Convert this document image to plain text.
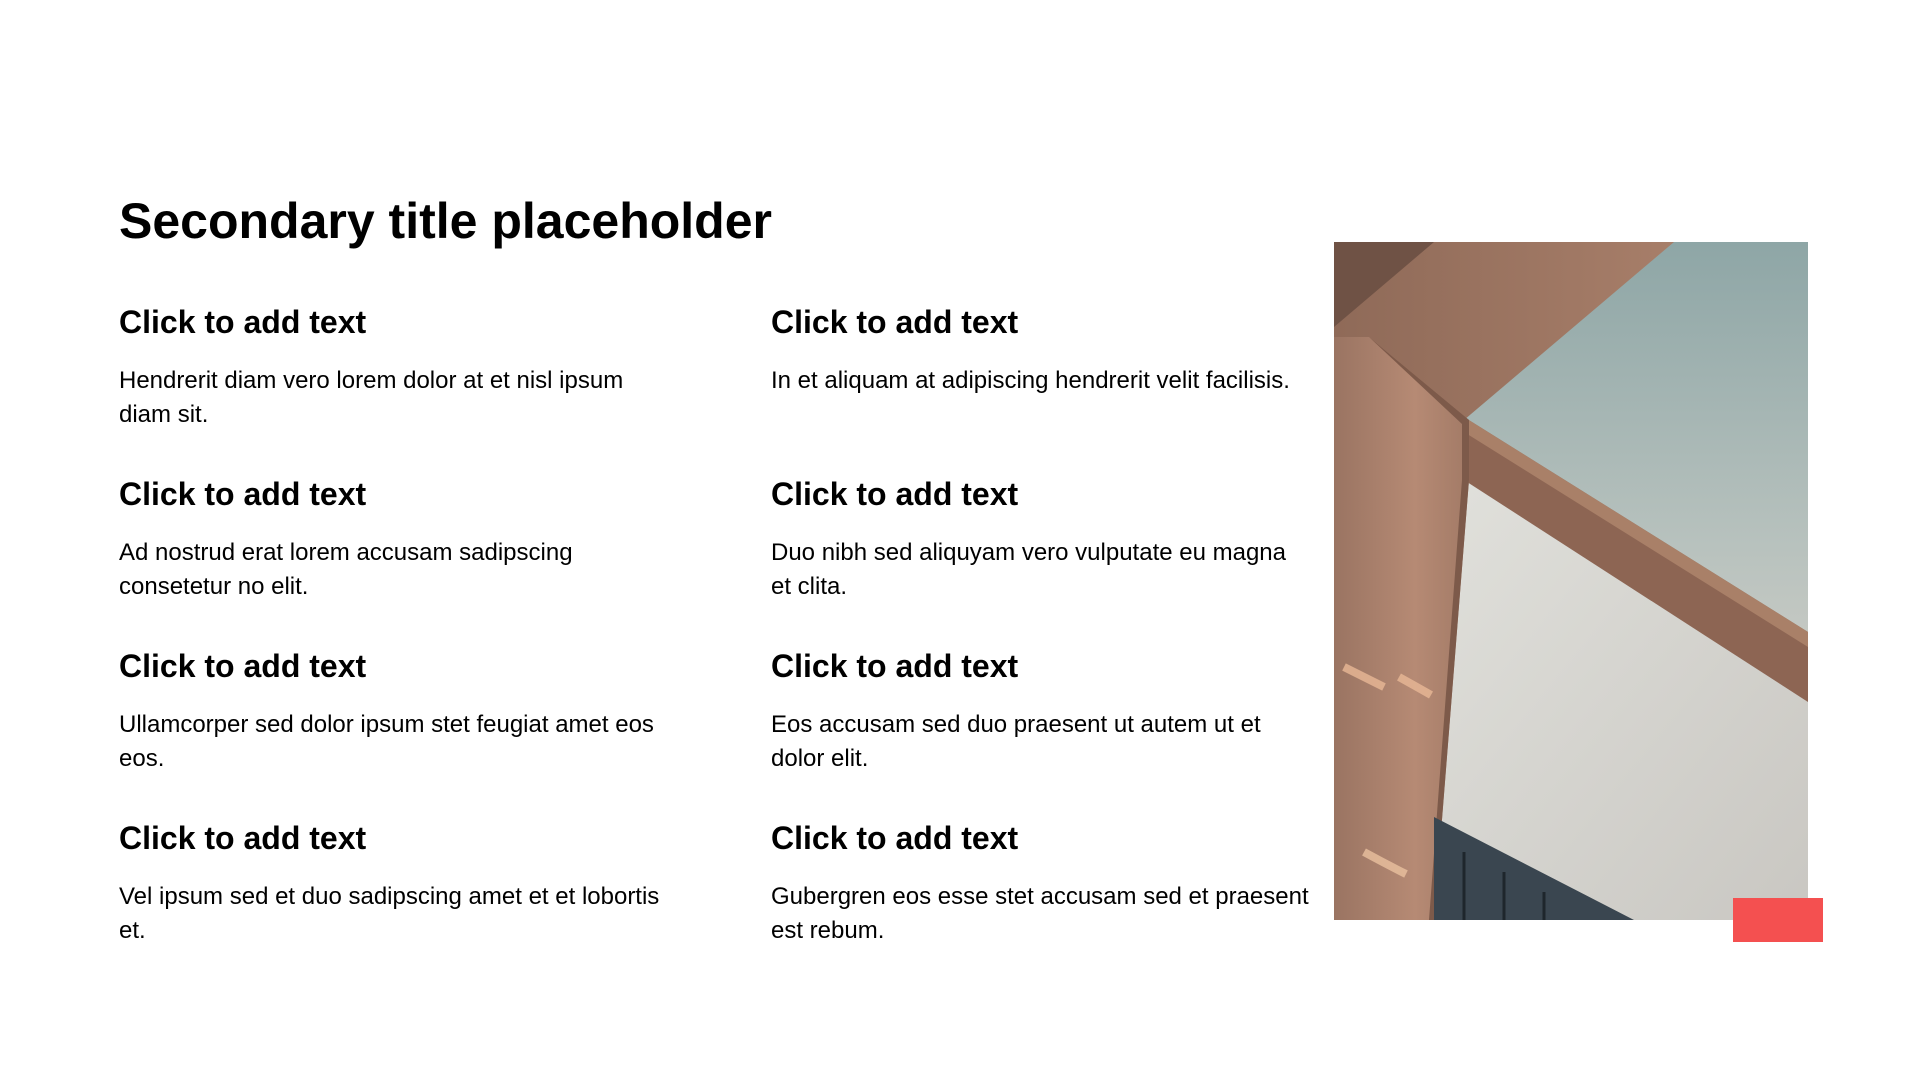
Secondary title placeholder
Click to add text

Hendrerit diam vero lorem dolor at et nisl ipsum diam sit.

Click to add text

In et aliquam at adipiscing hendrerit velit facilisis.

Click to add text

Ad nostrud erat lorem accusam sadipscing consetetur no elit.

Click to add text

Duo nibh sed aliquyam vero vulputate eu magna et clita.

Click to add text

Ullamcorper sed dolor ipsum stet feugiat amet eos eos.

Click to add text

Eos accusam sed duo praesent ut autem ut et dolor elit.

Click to add text

Vel ipsum sed et duo sadipscing amet et et lobortis et.

Click to add text

Gubergren eos esse stet accusam sed et praesent est rebum.
